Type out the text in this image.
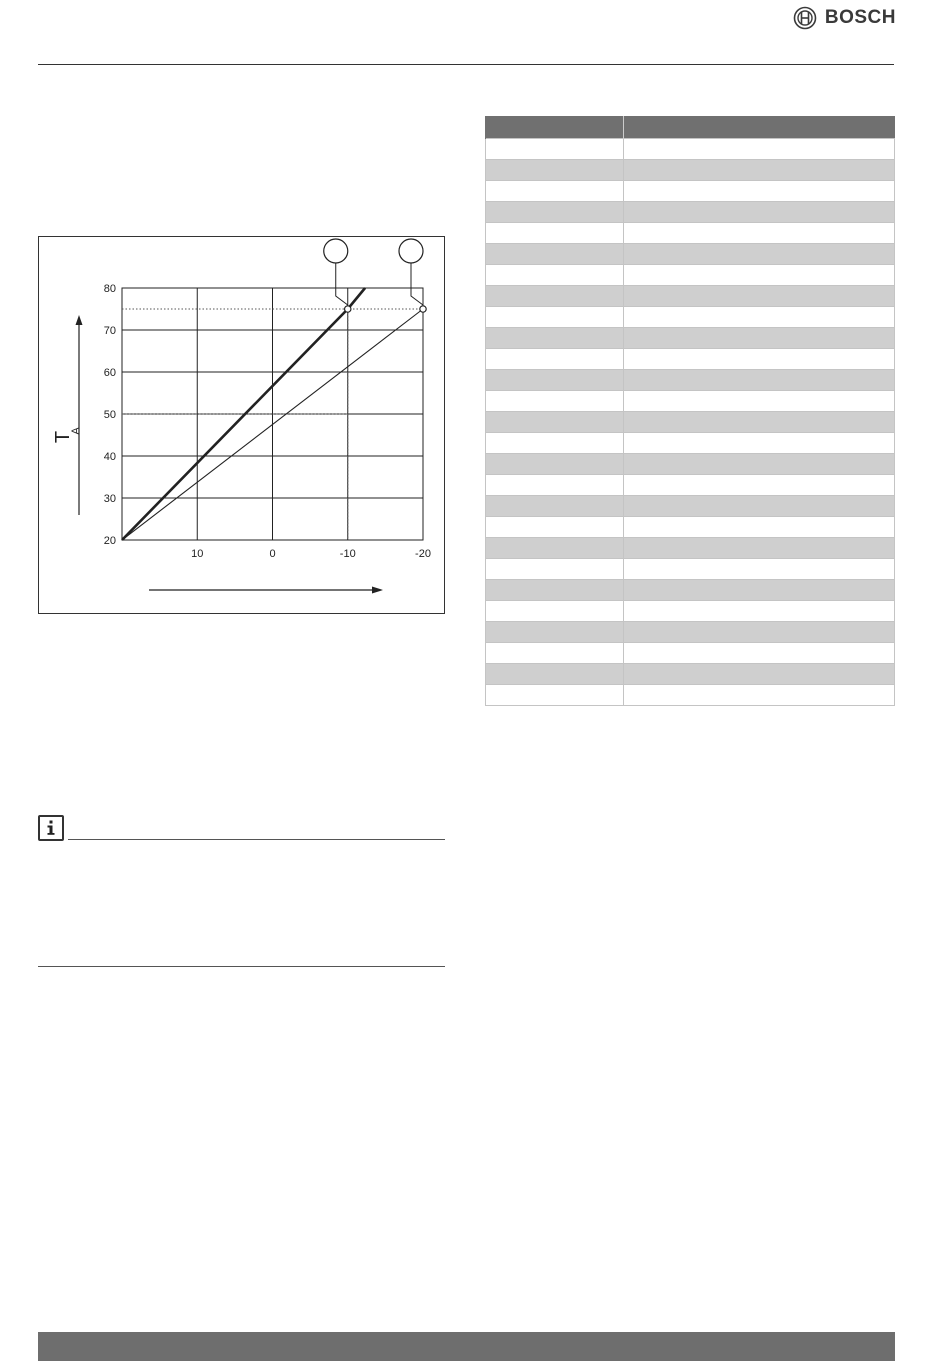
BOSCH
20
30
40
50
60
70
80
10	0	-10	-20
T
A
